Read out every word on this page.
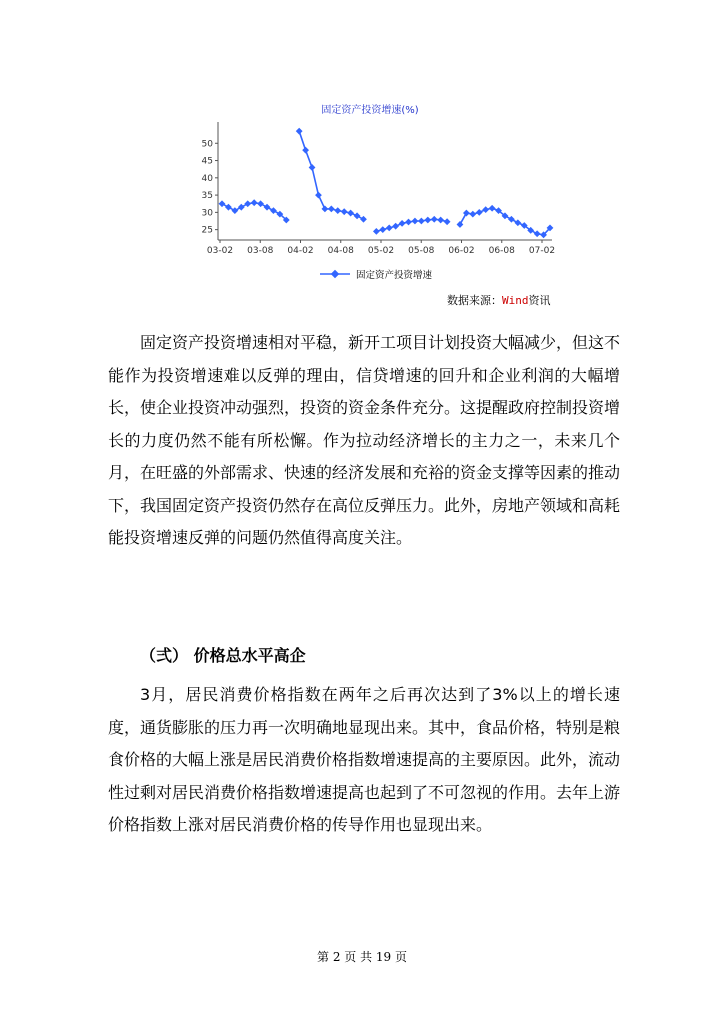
固定资产投资增速(%)
25
30
35
40
45
50
03-02 03-08 04-02 04-08 05-02 05-08 06-02 06-08 07-02
固定资产投资增速
数据来源：Wind资讯

固定资产投资增速相对平稳，新开工项目计划投资大幅减少，但这不能作为投资增速难以反弹的理由，信贷增速的回升和企业利润的大幅增长，使企业投资冲动强烈，投资的资金条件充分。这提醒政府控制投资增长的力度仍然不能有所松懈。作为拉动经济增长的主力之一，未来几个月，在旺盛的外部需求、快速的经济发展和充裕的资金支撑等因素的推动下，我国固定资产投资仍然存在高位反弹压力。此外，房地产领域和高耗能投资增速反弹的问题仍然值得高度关注。

（弍） 价格总水平高企

3月，居民消费价格指数在两年之后再次达到了3%以上的增长速度，通货膨胀的压力再一次明确地显现出来。其中，食品价格，特别是粮食价格的大幅上涨是居民消费价格指数增速提高的主要原因。此外，流动性过剩对居民消费价格指数增速提高也起到了不可忽视的作用。去年上游价格指数上涨对居民消费价格的传导作用也显现出来。

第 2 页 共 19 页
